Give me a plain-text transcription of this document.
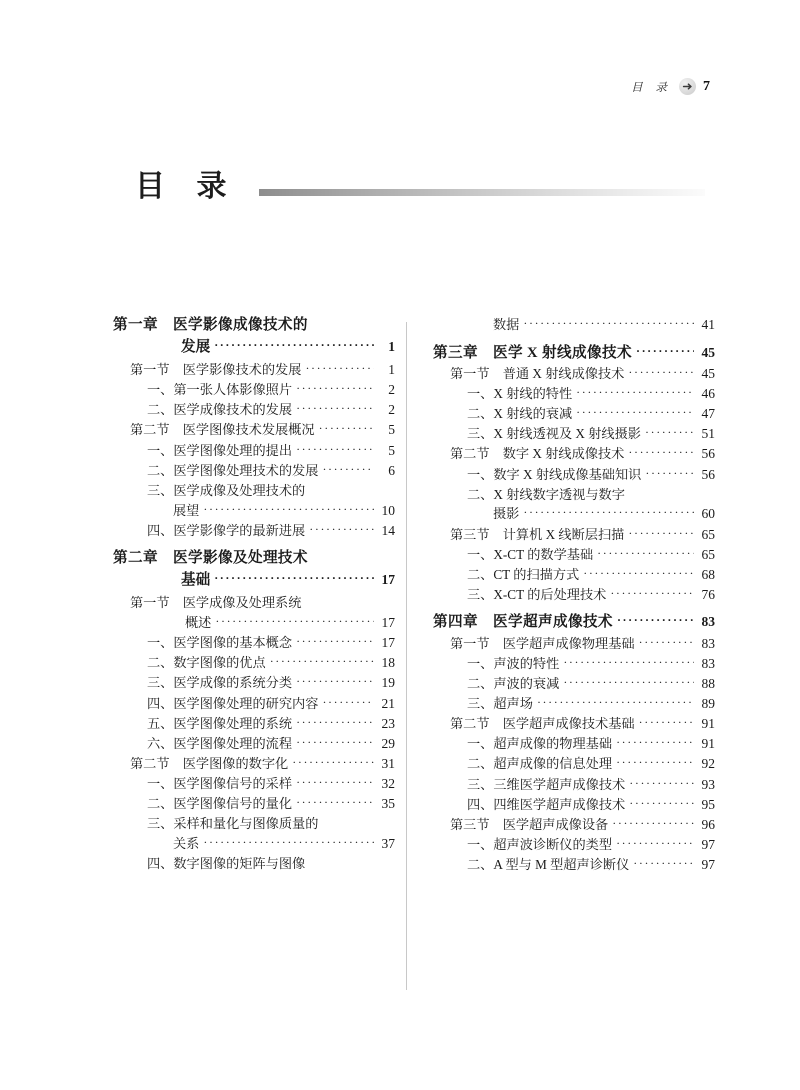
目 录 7
目 录
第一章　医学影像成像技术的
发展 ·····	1
第一节　医学影像技术的发展 ·····	1
一、第一张人体影像照片 ·····	2
二、医学成像技术的发展 ·····	2
第二节　医学图像技术发展概况 ·····	5
一、医学图像处理的提出 ·····	5
二、医学图像处理技术的发展 ·····	6
三、医学成像及处理技术的
展望 ·····	10
四、医学影像学的最新进展 ·····	14
第二章　医学影像及处理技术
基础 ·····	17
第一节　医学成像及处理系统
概述 ·····	17
一、医学图像的基本概念 ·····	17
二、数字图像的优点 ·····	18
三、医学成像的系统分类 ·····	19
四、医学图像处理的研究内容 ·····	21
五、医学图像处理的系统 ·····	23
六、医学图像处理的流程 ·····	29
第二节　医学图像的数字化 ·····	31
一、医学图像信号的采样 ·····	32
二、医学图像信号的量化 ·····	35
三、采样和量化与图像质量的
关系 ·····	37
四、数字图像的矩阵与图像
数据 ·····	41
第三章　医学 X 射线成像技术 ·····	45
第一节　普通 X 射线成像技术 ·····	45
一、X 射线的特性 ·····	46
二、X 射线的衰减 ·····	47
三、X 射线透视及 X 射线摄影 ·····	51
第二节　数字 X 射线成像技术 ·····	56
一、数字 X 射线成像基础知识 ·····	56
二、X 射线数字透视与数字
摄影 ·····	60
第三节　计算机 X 线断层扫描 ·····	65
一、X-CT 的数学基础 ·····	65
二、CT 的扫描方式 ·····	68
三、X-CT 的后处理技术 ·····	76
第四章　医学超声成像技术 ·····	83
第一节　医学超声成像物理基础 ·····	83
一、声波的特性 ·····	83
二、声波的衰减 ·····	88
三、超声场 ·····	89
第二节　医学超声成像技术基础 ·····	91
一、超声成像的物理基础 ·····	91
二、超声成像的信息处理 ·····	92
三、三维医学超声成像技术 ·····	93
四、四维医学超声成像技术 ·····	95
第三节　医学超声成像设备 ·····	96
一、超声波诊断仪的类型 ·····	97
二、A 型与 M 型超声诊断仪 ·····	97
